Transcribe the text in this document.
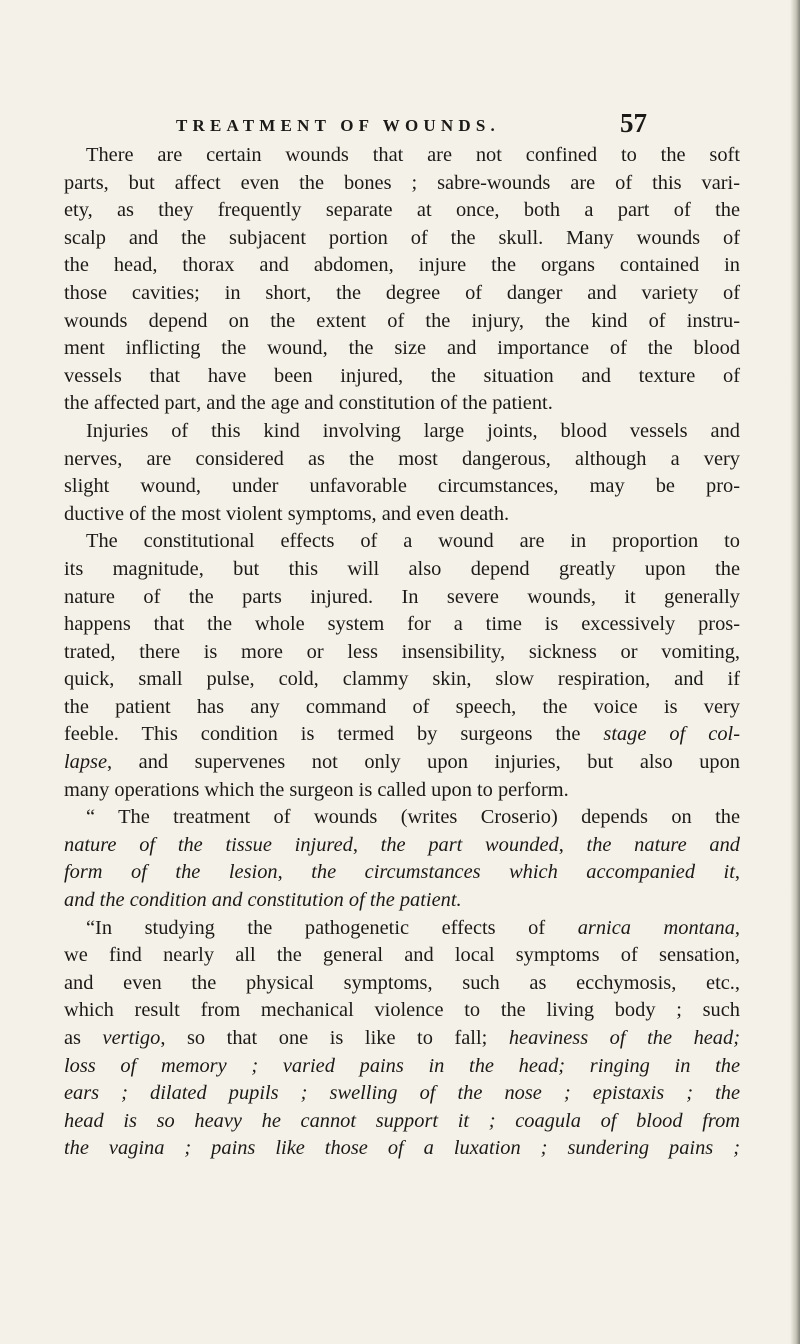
TREATMENT OF WOUNDS.	57
There are certain wounds that are not confined to the soft
parts, but affect even the bones ; sabre-wounds are of this vari-
ety, as they frequently separate at once, both a part of the
scalp and the subjacent portion of the skull. Many wounds of
the head, thorax and abdomen, injure the organs contained in
those cavities; in short, the degree of danger and variety of
wounds depend on the extent of the injury, the kind of instru-
ment inflicting the wound, the size and importance of the blood
vessels that have been injured, the situation and texture of
the affected part, and the age and constitution of the patient.
Injuries of this kind involving large joints, blood vessels and
nerves, are considered as the most dangerous, although a very
slight wound, under unfavorable circumstances, may be pro-
ductive of the most violent symptoms, and even death.
The constitutional effects of a wound are in proportion to
its magnitude, but this will also depend greatly upon the
nature of the parts injured. In severe wounds, it generally
happens that the whole system for a time is excessively pros-
trated, there is more or less insensibility, sickness or vomiting,
quick, small pulse, cold, clammy skin, slow respiration, and if
the patient has any command of speech, the voice is very
feeble. This condition is termed by surgeons the stage of col-
lapse, and supervenes not only upon injuries, but also upon
many operations which the surgeon is called upon to perform.
“ The treatment of wounds (writes Croserio) depends on the
nature of the tissue injured, the part wounded, the nature and
form of the lesion, the circumstances which accompanied it,
and the condition and constitution of the patient.
“In studying the pathogenetic effects of arnica montana,
we find nearly all the general and local symptoms of sensation,
and even the physical symptoms, such as ecchymosis, etc.,
which result from mechanical violence to the living body ; such
as vertigo, so that one is like to fall; heaviness of the head;
loss of memory ; varied pains in the head; ringing in the
ears ; dilated pupils ; swelling of the nose ; epistaxis ; the
head is so heavy he cannot support it ; coagula of blood from
the vagina ; pains like those of a luxation ; sundering pains ;
